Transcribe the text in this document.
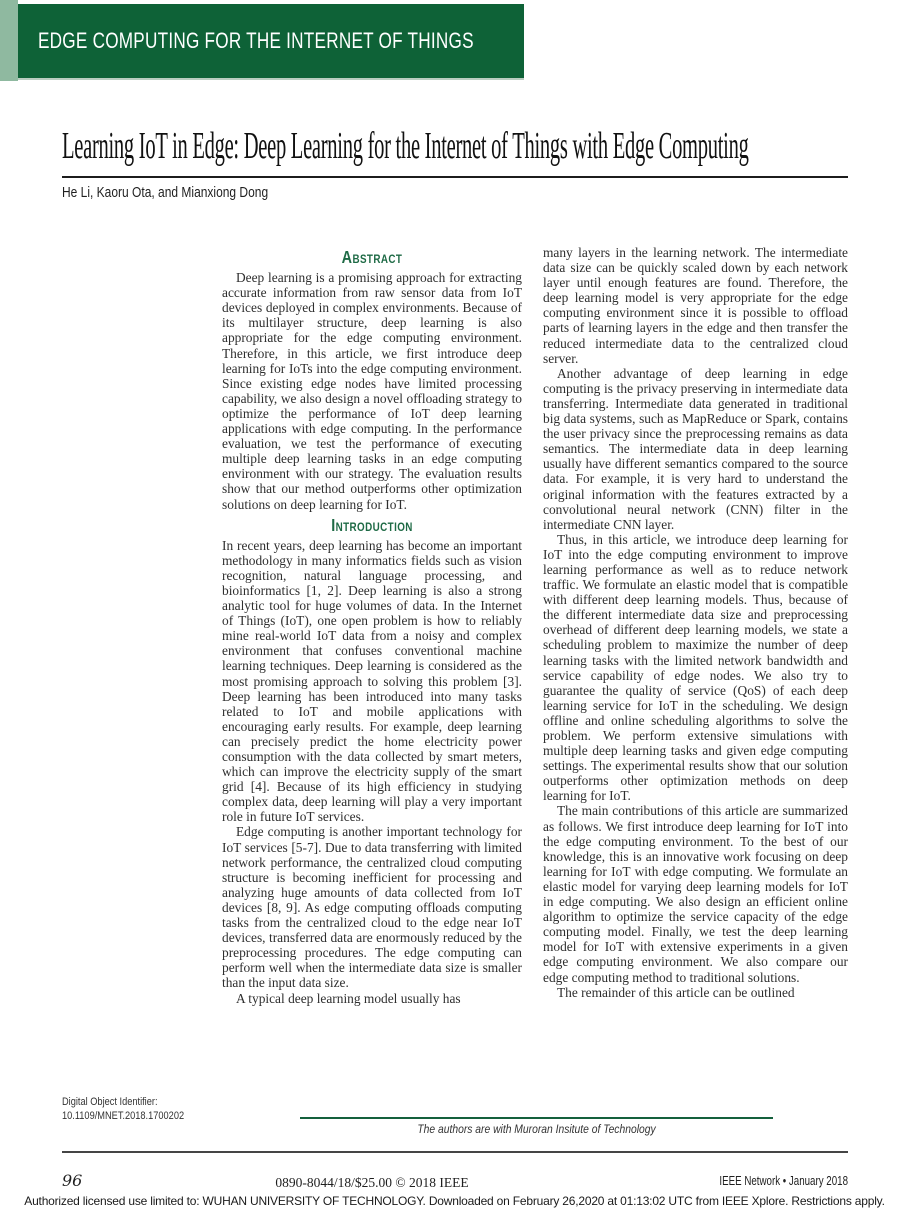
EDGE COMPUTING FOR THE INTERNET OF THINGS
Learning IoT in Edge: Deep Learning for the Internet of Things with Edge Computing
He Li, Kaoru Ota, and Mianxiong Dong
Abstract

Deep learning is a promising approach for extracting accurate information from raw sensor data from IoT devices deployed in complex environments. Because of its multilayer structure, deep learning is also appropriate for the edge computing environment. Therefore, in this article, we first introduce deep learning for IoTs into the edge computing environment. Since existing edge nodes have limited processing capability, we also design a novel offloading strategy to optimize the performance of IoT deep learning applications with edge computing. In the performance evaluation, we test the performance of executing multiple deep learning tasks in an edge computing environment with our strategy. The evaluation results show that our method outperforms other optimization solutions on deep learning for IoT.

Introduction

In recent years, deep learning has become an important methodology in many informatics fields such as vision recognition, natural language processing, and bioinformatics [1, 2]. Deep learning is also a strong analytic tool for huge volumes of data. In the Internet of Things (IoT), one open problem is how to reliably mine real-world IoT data from a noisy and complex environment that confuses conventional machine learning techniques. Deep learning is considered as the most promising approach to solving this problem [3]. Deep learning has been introduced into many tasks related to IoT and mobile applications with encouraging early results. For example, deep learning can precisely predict the home electricity power consumption with the data collected by smart meters, which can improve the electricity supply of the smart grid [4]. Because of its high efficiency in studying complex data, deep learning will play a very important role in future IoT services.

Edge computing is another important technology for IoT services [5-7]. Due to data transferring with limited network performance, the centralized cloud computing structure is becoming inefficient for processing and analyzing huge amounts of data collected from IoT devices [8, 9]. As edge computing offloads computing tasks from the centralized cloud to the edge near IoT devices, transferred data are enormously reduced by the preprocessing procedures. The edge computing can perform well when the intermediate data size is smaller than the input data size.

A typical deep learning model usually has

many layers in the learning network. The intermediate data size can be quickly scaled down by each network layer until enough features are found. Therefore, the deep learning model is very appropriate for the edge computing environment since it is possible to offload parts of learning layers in the edge and then transfer the reduced intermediate data to the centralized cloud server.

Another advantage of deep learning in edge computing is the privacy preserving in intermediate data transferring. Intermediate data generated in traditional big data systems, such as MapReduce or Spark, contains the user privacy since the preprocessing remains as data semantics. The intermediate data in deep learning usually have different semantics compared to the source data. For example, it is very hard to understand the original information with the features extracted by a convolutional neural network (CNN) filter in the intermediate CNN layer.

Thus, in this article, we introduce deep learning for IoT into the edge computing environment to improve learning performance as well as to reduce network traffic. We formulate an elastic model that is compatible with different deep learning models. Thus, because of the different intermediate data size and preprocessing overhead of different deep learning models, we state a scheduling problem to maximize the number of deep learning tasks with the limited network bandwidth and service capability of edge nodes. We also try to guarantee the quality of service (QoS) of each deep learning service for IoT in the scheduling. We design offline and online scheduling algorithms to solve the problem. We perform extensive simulations with multiple deep learning tasks and given edge computing settings. The experimental results show that our solution outperforms other optimization methods on deep learning for IoT.

The main contributions of this article are summarized as follows. We first introduce deep learning for IoT into the edge computing environment. To the best of our knowledge, this is an innovative work focusing on deep learning for IoT with edge computing. We formulate an elastic model for varying deep learning models for IoT in edge computing. We also design an efficient online algorithm to optimize the service capacity of the edge computing model. Finally, we test the deep learning model for IoT with extensive experiments in a given edge computing environment. We also compare our edge computing method to traditional solutions.

The remainder of this article can be outlined

Digital Object Identifier:
10.1109/MNET.2018.1700202
The authors are with Muroran Insitute of Technology
96	0890-8044/18/$25.00 © 2018 IEEE	IEEE Network • January 2018
Authorized licensed use limited to: WUHAN UNIVERSITY OF TECHNOLOGY. Downloaded on February 26,2020 at 01:13:02 UTC from IEEE Xplore. Restrictions apply.
